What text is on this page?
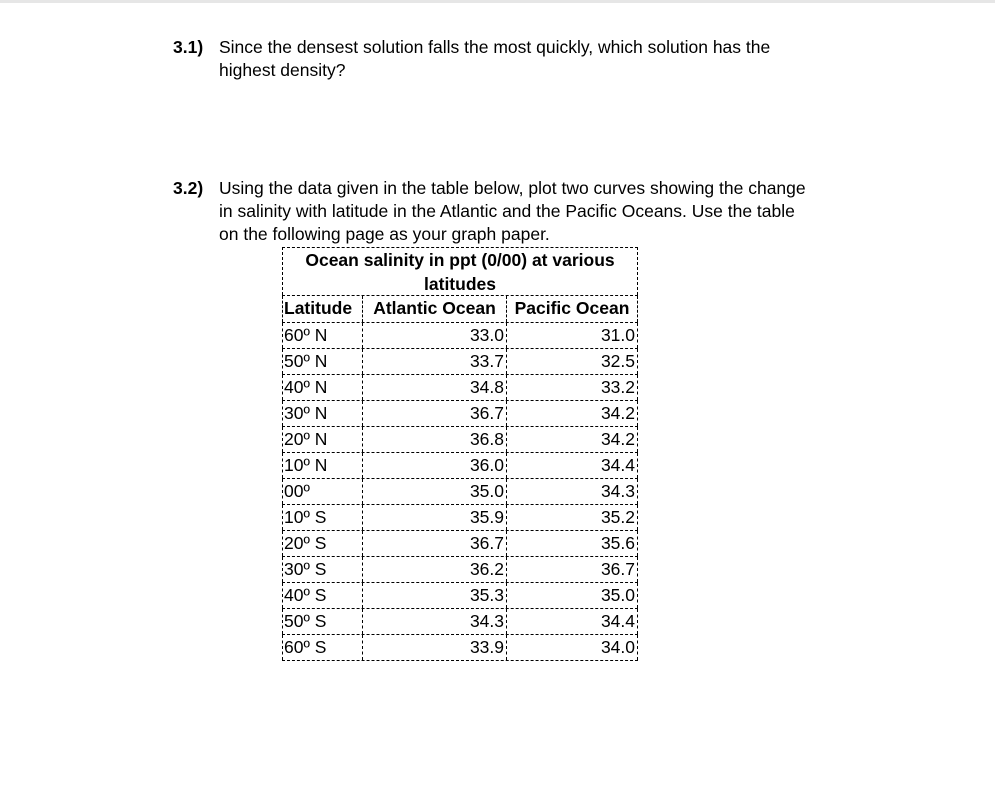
3.1) Since the densest solution falls the most quickly, which solution has the
highest density?
3.2) Using the data given in the table below, plot two curves showing the change
in salinity with latitude in the Atlantic and the Pacific Oceans. Use the table
on the following page as your graph paper.
Ocean salinity in ppt (0/00) at various
latitudes
Latitude	Atlantic Ocean	Pacific Ocean
60º N	33.0	31.0
50º N	33.7	32.5
40º N	34.8	33.2
30º N	36.7	34.2
20º N	36.8	34.2
10º N	36.0	34.4
00º	35.0	34.3
10º S	35.9	35.2
20º S	36.7	35.6
30º S	36.2	36.7
40º S	35.3	35.0
50º S	34.3	34.4
60º S	33.9	34.0
